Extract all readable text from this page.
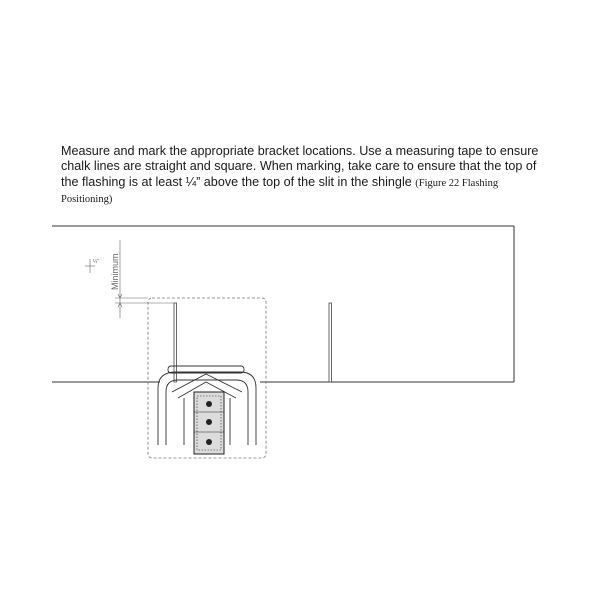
Measure and mark the appropriate bracket locations. Use a measuring tape to ensure chalk lines are straight and square. When marking, take care to ensure that the top of the flashing is at least ¼” above the top of the slit in the shingle (Figure 22 Flashing Positioning)

Minimum
¼"
